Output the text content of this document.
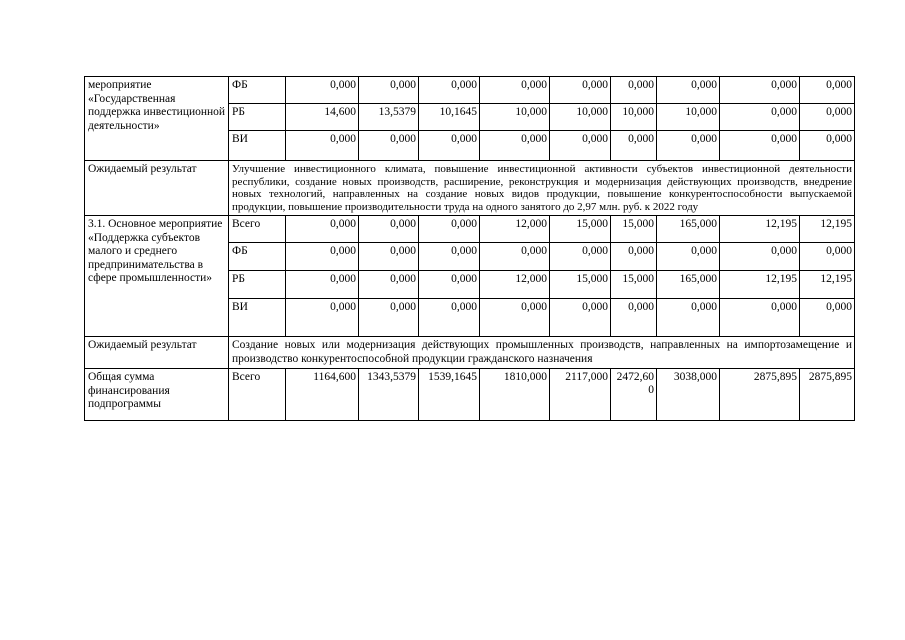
мероприятие «Государственная поддержка инвестиционной деятельности»	ФБ	0,000	0,000	0,000	0,000	0,000	0,000	0,000	0,000	0,000
	РБ	14,600	13,5379	10,1645	10,000	10,000	10,000	10,000	0,000	0,000
	ВИ	0,000	0,000	0,000	0,000	0,000	0,000	0,000	0,000	0,000
Ожидаемый результат	Улучшение инвестиционного климата, повышение инвестиционной активности субъектов инвестиционной деятельности республики, создание новых производств, расширение, реконструкция и модернизация действующих производств, внедрение новых технологий, направленных на создание новых видов продукции, повышение конкурентоспособности выпускаемой продукции, повышение производительности труда на одного занятого до 2,97 млн. руб. к 2022 году									
3.1. Основное мероприятие «Поддержка субъектов малого и среднего предпринимательства в сфере промышленности»	Всего	0,000	0,000	0,000	12,000	15,000	15,000	165,000	12,195	12,195
	ФБ	0,000	0,000	0,000	0,000	0,000	0,000	0,000	0,000	0,000
	РБ	0,000	0,000	0,000	12,000	15,000	15,000	165,000	12,195	12,195
	ВИ	0,000	0,000	0,000	0,000	0,000	0,000	0,000	0,000	0,000
Ожидаемый результат	Создание новых или модернизация действующих промышленных производств, направленных на импортозамещение и производство конкурентоспособной продукции гражданского назначения									
Общая сумма финансирования подпрограммы	Всего	1164,600	1343,5379	1539,1645	1810,000	2117,000	2472,600	3038,000	2875,895	2875,895
